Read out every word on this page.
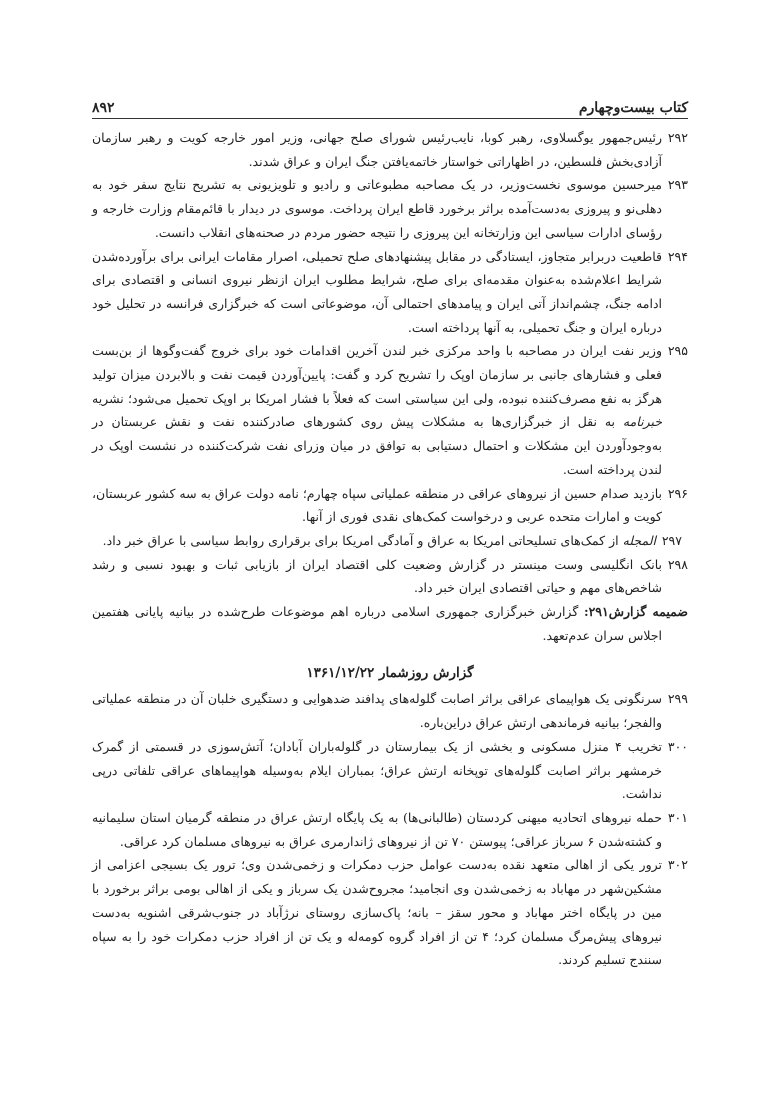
کتاب بیست‌وچهارم
۸۹۲

۲۹۲رئیس‌جمهور یوگسلاوی، رهبر کوبا، نایب‌رئیس شورای صلح جهانی، وزیر امور خارجه کویت و رهبر سازمان آزادی‌بخش فلسطین، در اظهاراتی خواستار خاتمه‌یافتن جنگ ایران و عراق شدند.

۲۹۳میرحسین موسوی نخست‌وزیر، در یک مصاحبه مطبوعاتی و رادیو و تلویزیونی به تشریح نتایج سفر خود به دهلی‌نو و پیروزی به‌دست‌آمده براثر برخورد قاطع ایران پرداخت. موسوی در دیدار با قائم‌مقام وزارت خارجه و رؤسای ادارات سیاسی این وزارتخانه این پیروزی را نتیجه حضور مردم در صحنه‌های انقلاب دانست.

۲۹۴قاطعیت دربرابر متجاوز، ایستادگی در مقابل پیشنهادهای صلح تحمیلی، اصرار مقامات ایرانی برای برآورده‌شدن شرایط اعلام‌شده به‌عنوان مقدمه‌ای برای صلح، شرایط مطلوب ایران ازنظر نیروی انسانی و اقتصادی برای ادامه جنگ، چشم‌انداز آتی ایران و پیامدهای احتمالی آن، موضوعاتی است که خبرگزاری فرانسه در تحلیل خود درباره ایران و جنگ تحمیلی، به آنها پرداخته است.

۲۹۵وزیر نفت ایران در مصاحبه با واحد مرکزی خبر لندن آخرین اقدامات خود برای خروج گفت‌وگوها از بن‌بست فعلی و فشارهای جانبی بر سازمان اوپک را تشریح کرد و گفت: پایین‌آوردن قیمت نفت و بالابردن میزان تولید هرگز به نفع مصرف‌کننده نبوده، ولی این سیاستی است که فعلاً با فشار امریکا بر اوپک تحمیل می‌شود؛ نشریه خبرنامه به نقل از خبرگزاری‌ها به مشکلات پیش روی کشورهای صادرکننده نفت و نقش عربستان در به‌وجودآوردن این مشکلات و احتمال دستیابی به توافق در میان وزرای نفت شرکت‌کننده در نشست اوپک در لندن پرداخته است.

۲۹۶بازدید صدام حسین از نیروهای عراقی در منطقه عملیاتی سپاه چهارم؛ نامه دولت عراق به سه کشور عربستان، کویت و امارات متحده عربی و درخواست کمک‌های نقدی فوری از آنها.

۲۹۷المجله از کمک‌های تسلیحاتی امریکا به عراق و آمادگی امریکا برای برقراری روابط سیاسی با عراق خبر داد.

۲۹۸بانک انگلیسی وست مینستر در گزارش وضعیت کلی اقتصاد ایران از بازیابی ثبات و بهبود نسبی و رشد شاخص‌های مهم و حیاتی اقتصادی ایران خبر داد.

ضمیمه گزارش۲۹۱: گزارش خبرگزاری جمهوری اسلامی درباره اهم موضوعات طرح‌شده در بیانیه پایانی هفتمین اجلاس سران عدم‌تعهد.

گزارش روزشمار ۱۳۶۱/۱۲/۲۲

۲۹۹سرنگونی یک هواپیمای عراقی براثر اصابت گلوله‌های پدافند ضدهوایی و دستگیری خلبان آن در منطقه عملیاتی والفجر؛ بیانیه فرماندهی ارتش عراق دراین‌باره.

۳۰۰تخریب ۴ منزل مسکونی و بخشی از یک بیمارستان در گلوله‌باران آبادان؛ آتش‌سوزی در قسمتی از گمرک خرمشهر براثر اصابت گلوله‌های توپخانه ارتش عراق؛ بمباران ایلام به‌وسیله هواپیماهای عراقی تلفاتی درپی نداشت.

۳۰۱حمله نیروهای اتحادیه میهنی کردستان (طالبانی‌ها) به یک پایگاه ارتش عراق در منطقه گرمیان استان سلیمانیه و کشته‌شدن ۶ سرباز عراقی؛ پیوستن ۷۰ تن از نیروهای ژاندارمری عراق به نیروهای مسلمان کرد عراقی.

۳۰۲ترور یکی از اهالی متعهد نقده به‌دست عوامل حزب دمکرات و زخمی‌شدن وی؛ ترور یک بسیجی اعزامی از مشکین‌شهر در مهاباد به زخمی‌شدن وی انجامید؛ مجروح‌شدن یک سرباز و یکی از اهالی بومی براثر برخورد با مین در پایگاه اختر مهاباد و محور سقز – بانه؛ پاک‌سازی روستای نرژآباد در جنوب‌شرقی اشنویه به‌دست نیروهای پیش‌مرگ مسلمان کرد؛ ۴ تن از افراد گروه کومه‌له و یک تن از افراد حزب دمکرات خود را به سپاه سنندج تسلیم کردند.
